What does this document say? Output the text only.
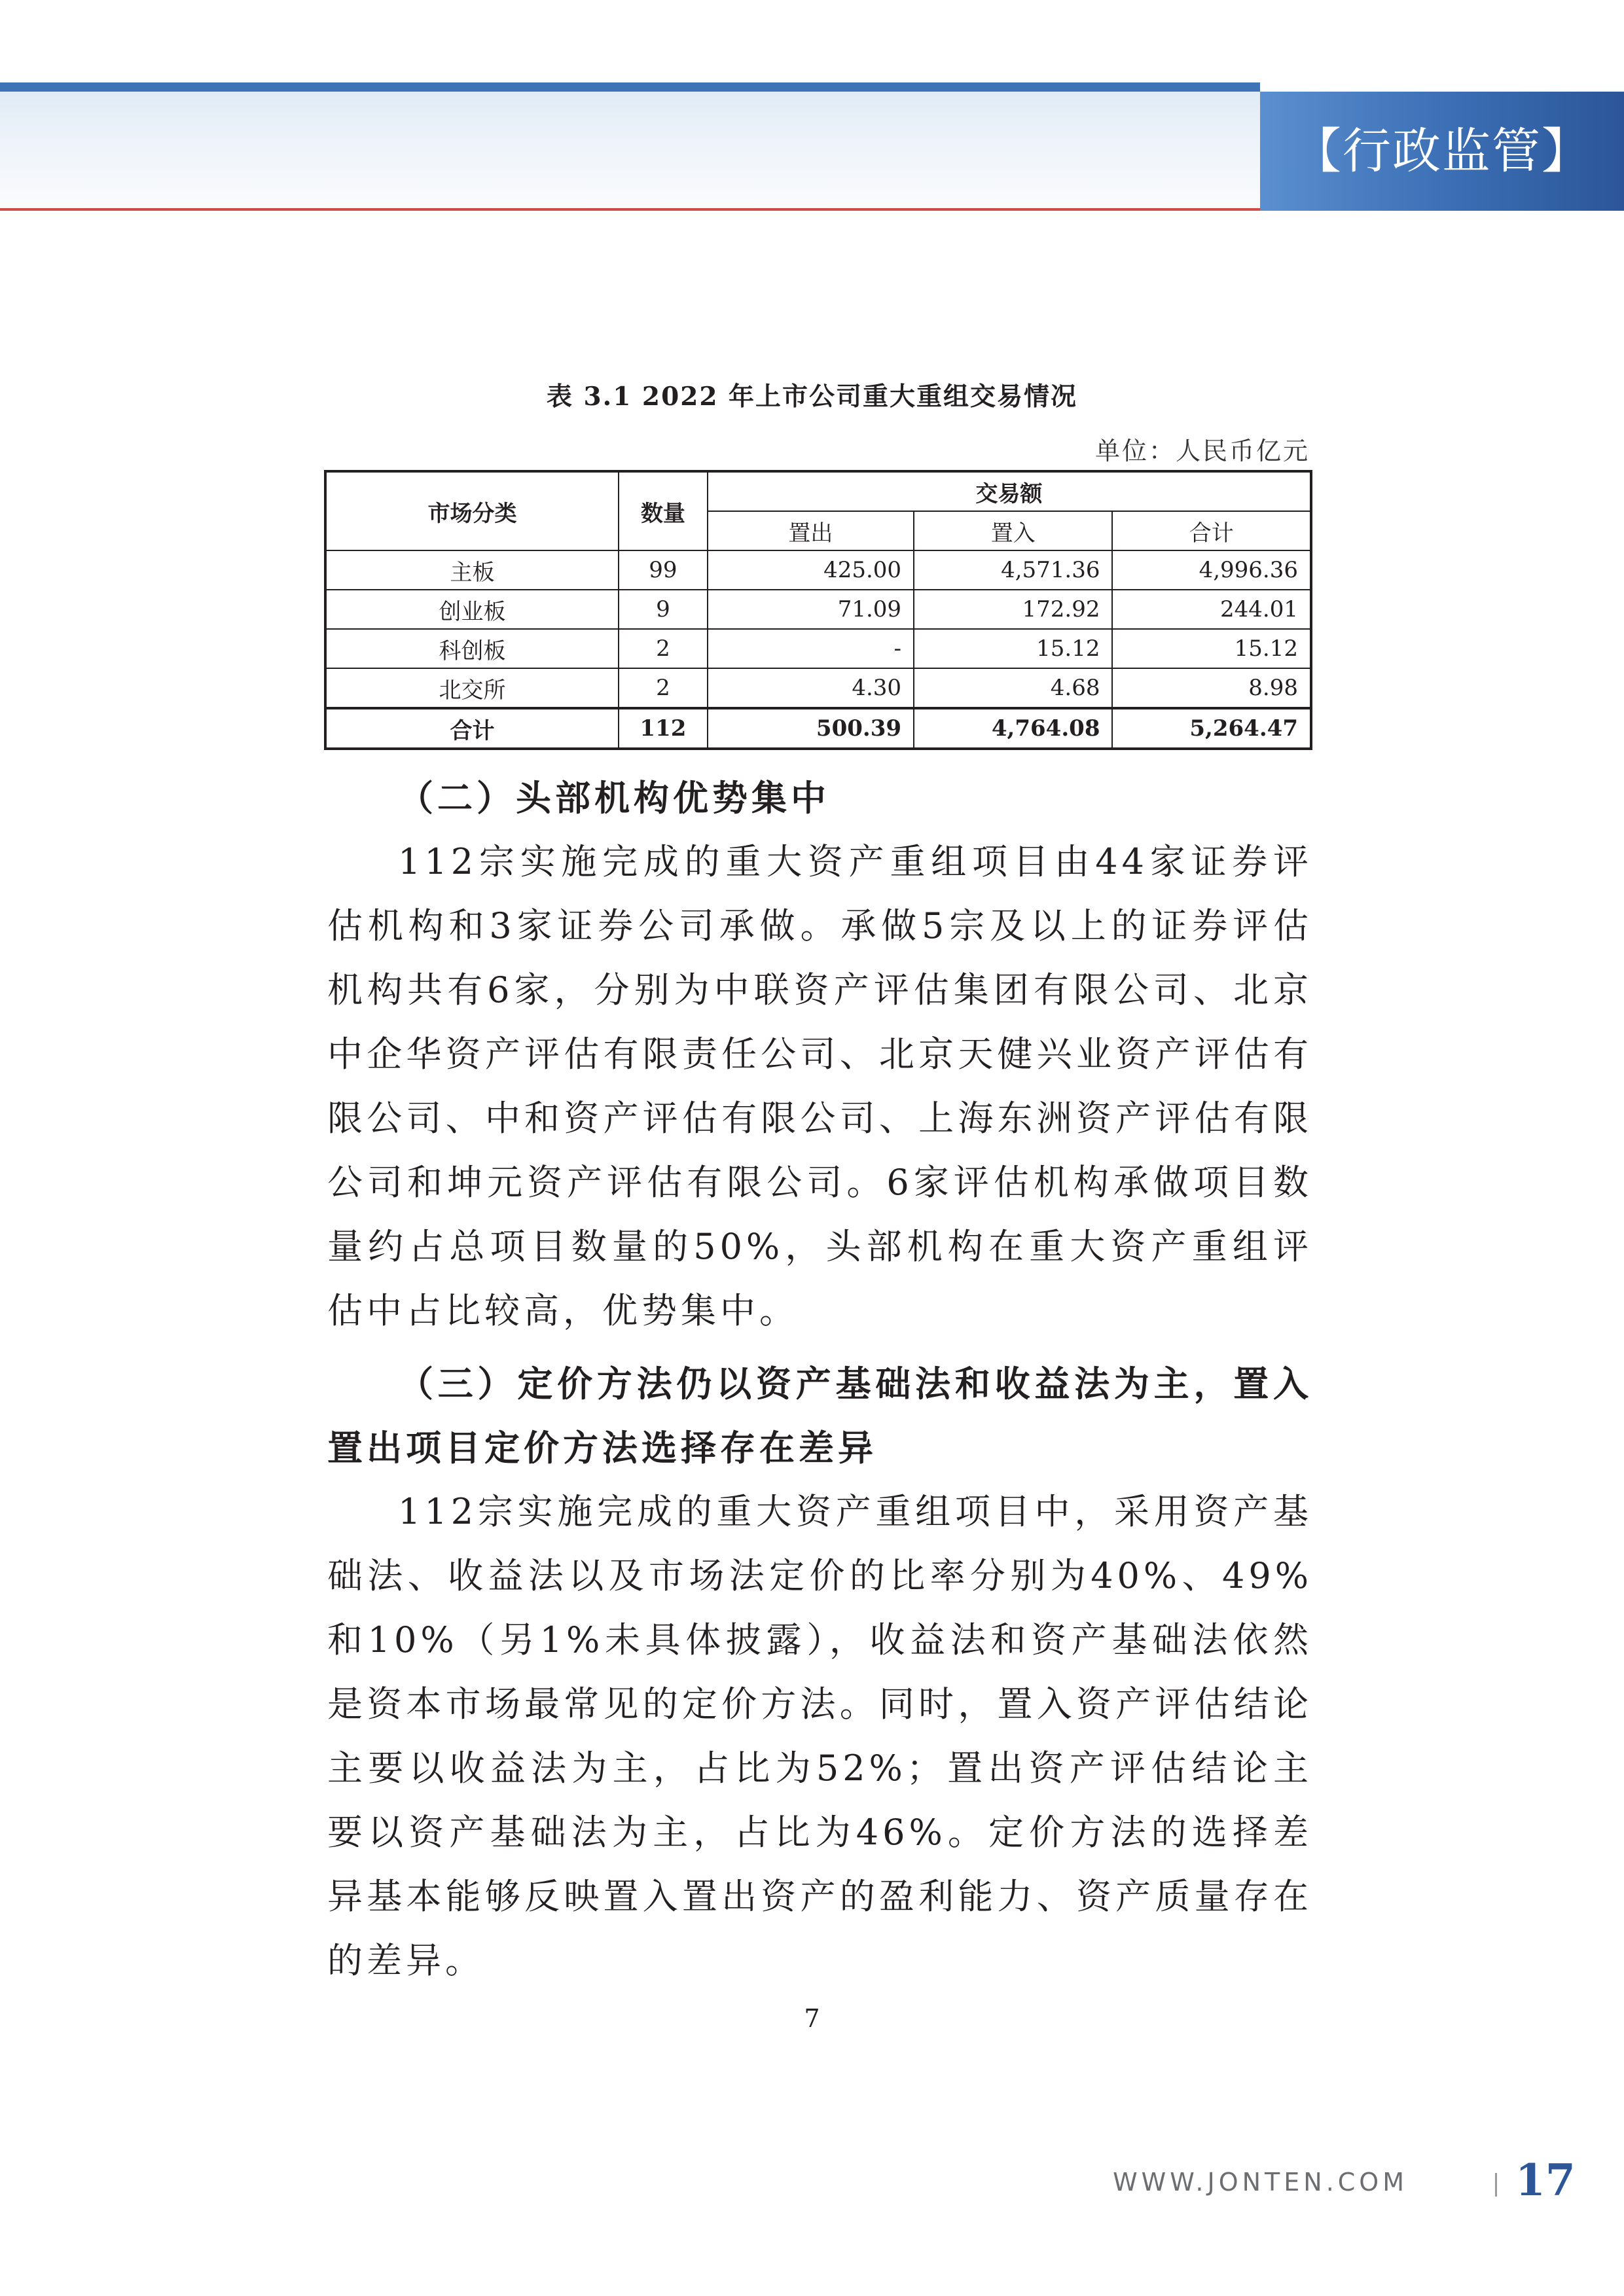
【行政监管】
表 3.1 2022 年上市公司重大重组交易情况
单位：人民币亿元
市场分类	数量	交易额		
		置出	置入	合计
主板	99	425.00	4,571.36	4,996.36
创业板	9	71.09	172.92	244.01
科创板	2	-	15.12	15.12
北交所	2	4.30	4.68	8.98
合计	112	500.39	4,764.08	5,264.47
（二）头部机构优势集中
112宗实施完成的重大资产重组项目由44家证券评估机构和3家证券公司承做。承做5宗及以上的证券评估机构共有6家，分别为中联资产评估集团有限公司、北京中企华资产评估有限责任公司、北京天健兴业资产评估有限公司、中和资产评估有限公司、上海东洲资产评估有限公司和坤元资产评估有限公司。6家评估机构承做项目数量约占总项目数量的50%，头部机构在重大资产重组评估中占比较高，优势集中。
（三）定价方法仍以资产基础法和收益法为主，置入置出项目定价方法选择存在差异
112宗实施完成的重大资产重组项目中，采用资产基础法、收益法以及市场法定价的比率分别为40%、49%和10%（另1%未具体披露），收益法和资产基础法依然是资本市场最常见的定价方法。同时，置入资产评估结论主要以收益法为主，占比为52%；置出资产评估结论主要以资产基础法为主，占比为46%。定价方法的选择差异基本能够反映置入置出资产的盈利能力、资产质量存在的差异。
7
WWW.JONTEN.COM 17
